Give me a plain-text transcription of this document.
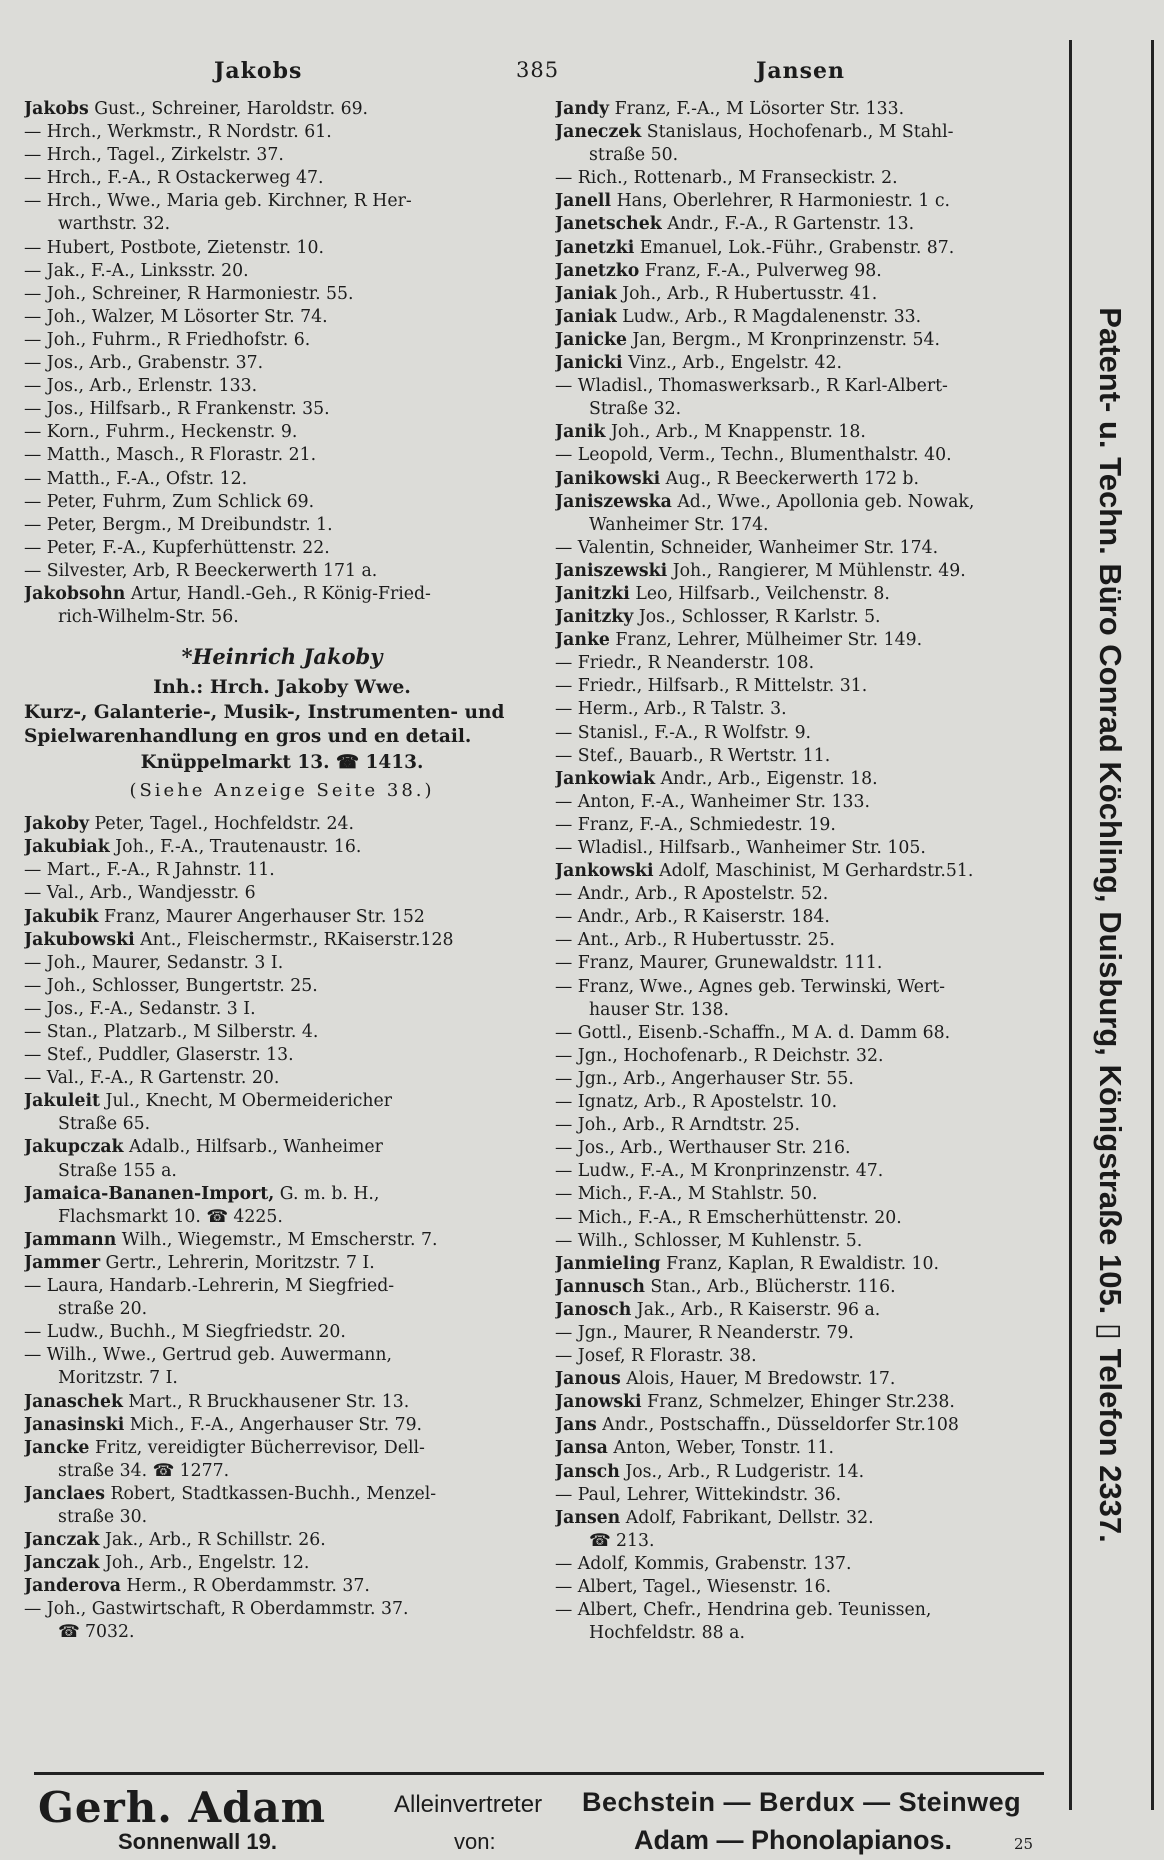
Jakobs	385	Jansen
Jakobs Gust., Schreiner, Haroldstr. 69.
— Hrch., Werkmstr., R Nordstr. 61.
— Hrch., Tagel., Zirkelstr. 37.
— Hrch., F.-A., R Ostackerweg 47.
— Hrch., Wwe., Maria geb. Kirchner, R Her-
warthstr. 32.
— Hubert, Postbote, Zietenstr. 10.
— Jak., F.-A., Linksstr. 20.
— Joh., Schreiner, R Harmoniestr. 55.
— Joh., Walzer, M Lösorter Str. 74.
— Joh., Fuhrm., R Friedhofstr. 6.
— Jos., Arb., Grabenstr. 37.
— Jos., Arb., Erlenstr. 133.
— Jos., Hilfsarb., R Frankenstr. 35.
— Korn., Fuhrm., Heckenstr. 9.
— Matth., Masch., R Florastr. 21.
— Matth., F.-A., Ofstr. 12.
— Peter, Fuhrm, Zum Schlick 69.
— Peter, Bergm., M Dreibundstr. 1.
— Peter, F.-A., Kupferhüttenstr. 22.
— Silvester, Arb, R Beeckerwerth 171 a.
Jakobsohn Artur, Handl.-Geh., R König-Fried-
rich-Wilhelm-Str. 56.
*Heinrich Jakoby
Inh.: Hrch. Jakoby Wwe.
Kurz-, Galanterie-, Musik-, Instrumenten- und
Spielwarenhandlung en gros und en detail.
Knüppelmarkt 13. ☎ 1413.
(Siehe Anzeige Seite 38.)
Jakoby Peter, Tagel., Hochfeldstr. 24.
Jakubiak Joh., F.-A., Trautenaustr. 16.
— Mart., F.-A., R Jahnstr. 11.
— Val., Arb., Wandjesstr. 6
Jakubik Franz, Maurer Angerhauser Str. 152
Jakubowski Ant., Fleischermstr., RKaiserstr.128
— Joh., Maurer, Sedanstr. 3 I.
— Joh., Schlosser, Bungertstr. 25.
— Jos., F.-A., Sedanstr. 3 I.
— Stan., Platzarb., M Silberstr. 4.
— Stef., Puddler, Glaserstr. 13.
— Val., F.-A., R Gartenstr. 20.
Jakuleit Jul., Knecht, M Obermeidericher
Straße 65.
Jakupczak Adalb., Hilfsarb., Wanheimer
Straße 155 a.
Jamaica-Bananen-Import, G. m. b. H.,
Flachsmarkt 10. ☎ 4225.
Jammann Wilh., Wiegemstr., M Emscherstr. 7.
Jammer Gertr., Lehrerin, Moritzstr. 7 I.
— Laura, Handarb.-Lehrerin, M Siegfried-
straße 20.
— Ludw., Buchh., M Siegfriedstr. 20.
— Wilh., Wwe., Gertrud geb. Auwermann,
Moritzstr. 7 I.
Janaschek Mart., R Bruckhausener Str. 13.
Janasinski Mich., F.-A., Angerhauser Str. 79.
Jancke Fritz, vereidigter Bücherrevisor, Dell-
straße 34. ☎ 1277.
Janclaes Robert, Stadtkassen-Buchh., Menzel-
straße 30.
Janczak Jak., Arb., R Schillstr. 26.
Janczak Joh., Arb., Engelstr. 12.
Janderova Herm., R Oberdammstr. 37.
— Joh., Gastwirtschaft, R Oberdammstr. 37.
☎ 7032.
Jandy Franz, F.-A., M Lösorter Str. 133.
Janeczek Stanislaus, Hochofenarb., M Stahl-
straße 50.
— Rich., Rottenarb., M Franseckistr. 2.
Janell Hans, Oberlehrer, R Harmoniestr. 1 c.
Janetschek Andr., F.-A., R Gartenstr. 13.
Janetzki Emanuel, Lok.-Führ., Grabenstr. 87.
Janetzko Franz, F.-A., Pulverweg 98.
Janiak Joh., Arb., R Hubertusstr. 41.
Janiak Ludw., Arb., R Magdalenenstr. 33.
Janicke Jan, Bergm., M Kronprinzenstr. 54.
Janicki Vinz., Arb., Engelstr. 42.
— Wladisl., Thomaswerksarb., R Karl-Albert-
Straße 32.
Janik Joh., Arb., M Knappenstr. 18.
— Leopold, Verm., Techn., Blumenthalstr. 40.
Janikowski Aug., R Beeckerwerth 172 b.
Janiszewska Ad., Wwe., Apollonia geb. Nowak,
Wanheimer Str. 174.
— Valentin, Schneider, Wanheimer Str. 174.
Janiszewski Joh., Rangierer, M Mühlenstr. 49.
Janitzki Leo, Hilfsarb., Veilchenstr. 8.
Janitzky Jos., Schlosser, R Karlstr. 5.
Janke Franz, Lehrer, Mülheimer Str. 149.
— Friedr., R Neanderstr. 108.
— Friedr., Hilfsarb., R Mittelstr. 31.
— Herm., Arb., R Talstr. 3.
— Stanisl., F.-A., R Wolfstr. 9.
— Stef., Bauarb., R Wertstr. 11.
Jankowiak Andr., Arb., Eigenstr. 18.
— Anton, F.-A., Wanheimer Str. 133.
— Franz, F.-A., Schmiedestr. 19.
— Wladisl., Hilfsarb., Wanheimer Str. 105.
Jankowski Adolf, Maschinist, M Gerhardstr.51.
— Andr., Arb., R Apostelstr. 52.
— Andr., Arb., R Kaiserstr. 184.
— Ant., Arb., R Hubertusstr. 25.
— Franz, Maurer, Grunewaldstr. 111.
— Franz, Wwe., Agnes geb. Terwinski, Wert-
hauser Str. 138.
— Gottl., Eisenb.-Schaffn., M A. d. Damm 68.
— Jgn., Hochofenarb., R Deichstr. 32.
— Jgn., Arb., Angerhauser Str. 55.
— Ignatz, Arb., R Apostelstr. 10.
— Joh., Arb., R Arndtstr. 25.
— Jos., Arb., Werthauser Str. 216.
— Ludw., F.-A., M Kronprinzenstr. 47.
— Mich., F.-A., M Stahlstr. 50.
— Mich., F.-A., R Emscherhüttenstr. 20.
— Wilh., Schlosser, M Kuhlenstr. 5.
Janmieling Franz, Kaplan, R Ewaldistr. 10.
Jannusch Stan., Arb., Blücherstr. 116.
Janosch Jak., Arb., R Kaiserstr. 96 a.
— Jgn., Maurer, R Neanderstr. 79.
— Josef, R Florastr. 38.
Janous Alois, Hauer, M Bredowstr. 17.
Janowski Franz, Schmelzer, Ehinger Str.238.
Jans Andr., Postschaffn., Düsseldorfer Str.108
Jansa Anton, Weber, Tonstr. 11.
Jansch Jos., Arb., R Ludgeristr. 14.
— Paul, Lehrer, Wittekindstr. 36.
Jansen Adolf, Fabrikant, Dellstr. 32.
☎ 213.
— Adolf, Kommis, Grabenstr. 137.
— Albert, Tagel., Wiesenstr. 16.
— Albert, Chefr., Hendrina geb. Teunissen,
Hochfeldstr. 88 a.
Patent- u. Techn. Büro Conrad Köchling, Duisburg, Königstraße 105. ▯ Telefon 2337.
Gerh. Adam	Alleinvertreter Bechstein — Berdux — Steinweg
Sonnenwall 19.	von:	Adam — Phonolapianos.	25
